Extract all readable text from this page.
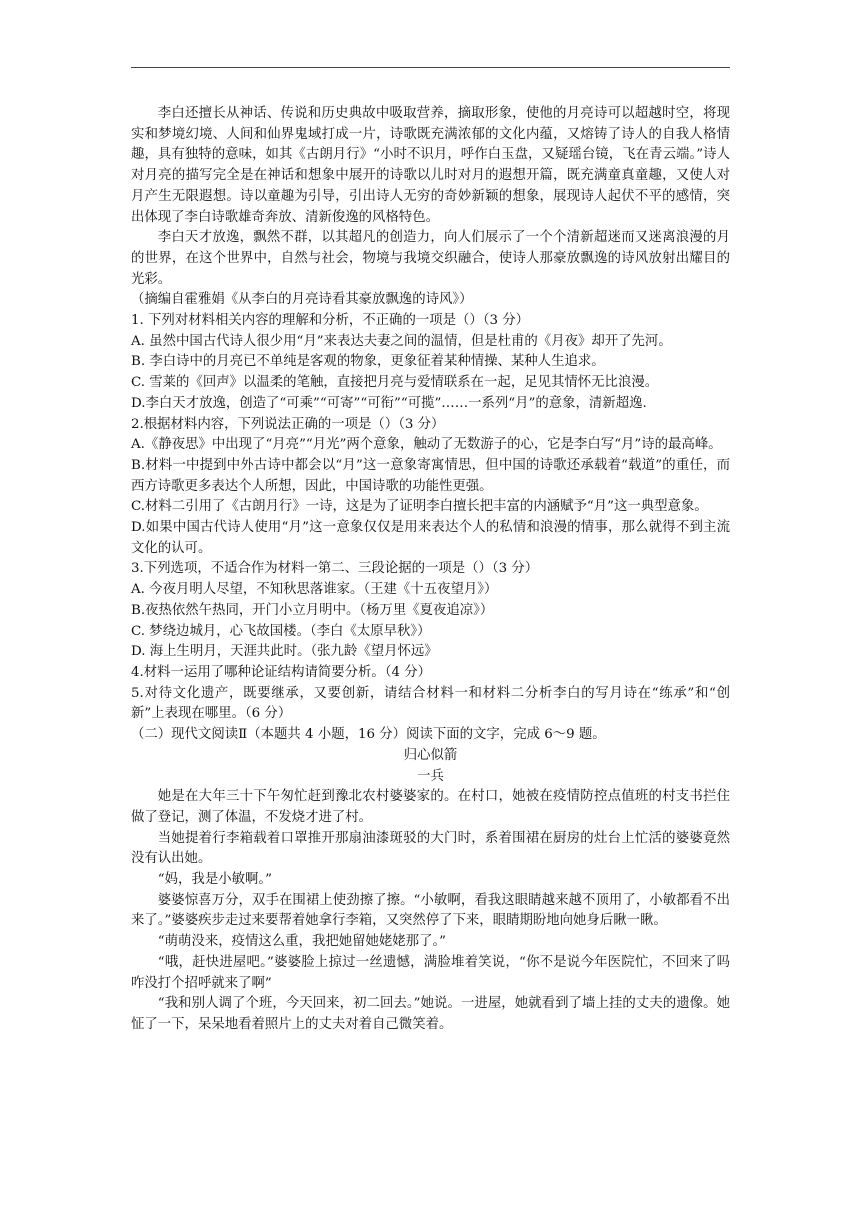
李白还擅长从神话、传说和历史典故中吸取营养，摘取形象，使他的月亮诗可以超越时空，将现实和梦境幻境、人间和仙界鬼域打成一片，诗歌既充满浓郁的文化内蕴，又熔铸了诗人的自我人格情趣，具有独特的意味，如其《古朗月行》“小时不识月，呼作白玉盘，又疑瑶台镜，飞在青云端。”诗人对月亮的描写完全是在神话和想象中展开的诗歌以儿时对月的遐想开篇，既充满童真童趣，又使人对月产生无限遐想。诗以童趣为引导，引出诗人无穷的奇妙新颖的想象，展现诗人起伏不平的感情，突出体现了李白诗歌雄奇奔放、清新俊逸的风格特色。

李白天才放逸，飘然不群，以其超凡的创造力，向人们展示了一个个清新超迷而又迷离浪漫的月的世界，在这个世界中，自然与社会，物境与我境交织融合，使诗人那豪放飘逸的诗风放射出耀目的光彩。

（摘编自霍雅娟《从李白的月亮诗看其豪放飘逸的诗风》）

1. 下列对材料相关内容的理解和分析，不正确的一项是（）（3 分）

A. 虽然中国古代诗人很少用“月”来表达夫妻之间的温情，但是杜甫的《月夜》却开了先河。

B. 李白诗中的月亮已不单纯是客观的物象，更象征着某种情操、某种人生追求。

C. 雪莱的《回声》以温柔的笔触，直接把月亮与爱情联系在一起，足见其情怀无比浪漫。

D.李白天才放逸，创造了“可乘”“可寄”“可衔”“可揽”……一系列“月”的意象，清新超逸.

2.根据材料内容，下列说法正确的一项是（）（3 分）

A.《静夜思》中出现了“月亮”“月光”两个意象，触动了无数游子的心，它是李白写“月”诗的最高峰。

B.材料一中提到中外古诗中都会以“月”这一意象寄寓情思，但中国的诗歌还承载着“载道”的重任，而西方诗歌更多表达个人所想，因此，中国诗歌的功能性更强。

C.材料二引用了《古朗月行》一诗，这是为了证明李白擅长把丰富的内涵赋予“月”这一典型意象。

D.如果中国古代诗人使用“月”这一意象仅仅是用来表达个人的私情和浪漫的情事，那么就得不到主流文化的认可。

3.下列选项，不适合作为材料一第二、三段论据的一项是（）（3 分）

A. 今夜月明人尽望，不知秋思落谁家。（王建《十五夜望月》）

B.夜热依然午热同，开门小立月明中。（杨万里《夏夜追凉》）

C. 梦绕边城月，心飞故国楼。（李白《太原早秋》）

D. 海上生明月，天涯共此时。（张九龄《望月怀远》

4.材料一运用了哪种论证结构请简要分析。（4 分）

5.对待文化遗产，既要继承，又要创新，请结合材料一和材料二分析李白的写月诗在“练承”和“创新”上表现在哪里。（6 分）

（二）现代文阅读Ⅱ（本题共 4 小题，16 分）阅读下面的文字，完成 6～9 题。

归心似箭

一兵

她是在大年三十下午匆忙赶到豫北农村婆婆家的。在村口，她被在疫情防控点值班的村支书拦住做了登记，测了体温，不发烧才进了村。

当她提着行李箱载着口罩推开那扇油漆斑驳的大门时，系着围裙在厨房的灶台上忙活的婆婆竟然没有认出她。

“妈，我是小敏啊。”

婆婆惊喜万分，双手在围裙上使劲擦了擦。“小敏啊，看我这眼睛越来越不顶用了，小敏都看不出来了。”婆婆疾步走过来要帮着她拿行李箱，又突然停了下来，眼睛期盼地向她身后瞅一瞅。

“萌萌没来，疫情这么重，我把她留她姥姥那了。”

“哦，赶快进屋吧。”婆婆脸上掠过一丝遗憾，满脸堆着笑说，“你不是说今年医院忙，不回来了吗咋没打个招呼就来了啊”

“我和别人调了个班，今天回来，初二回去。”她说。一进屋，她就看到了墙上挂的丈夫的遗像。她怔了一下，呆呆地看着照片上的丈夫对着自己微笑着。
